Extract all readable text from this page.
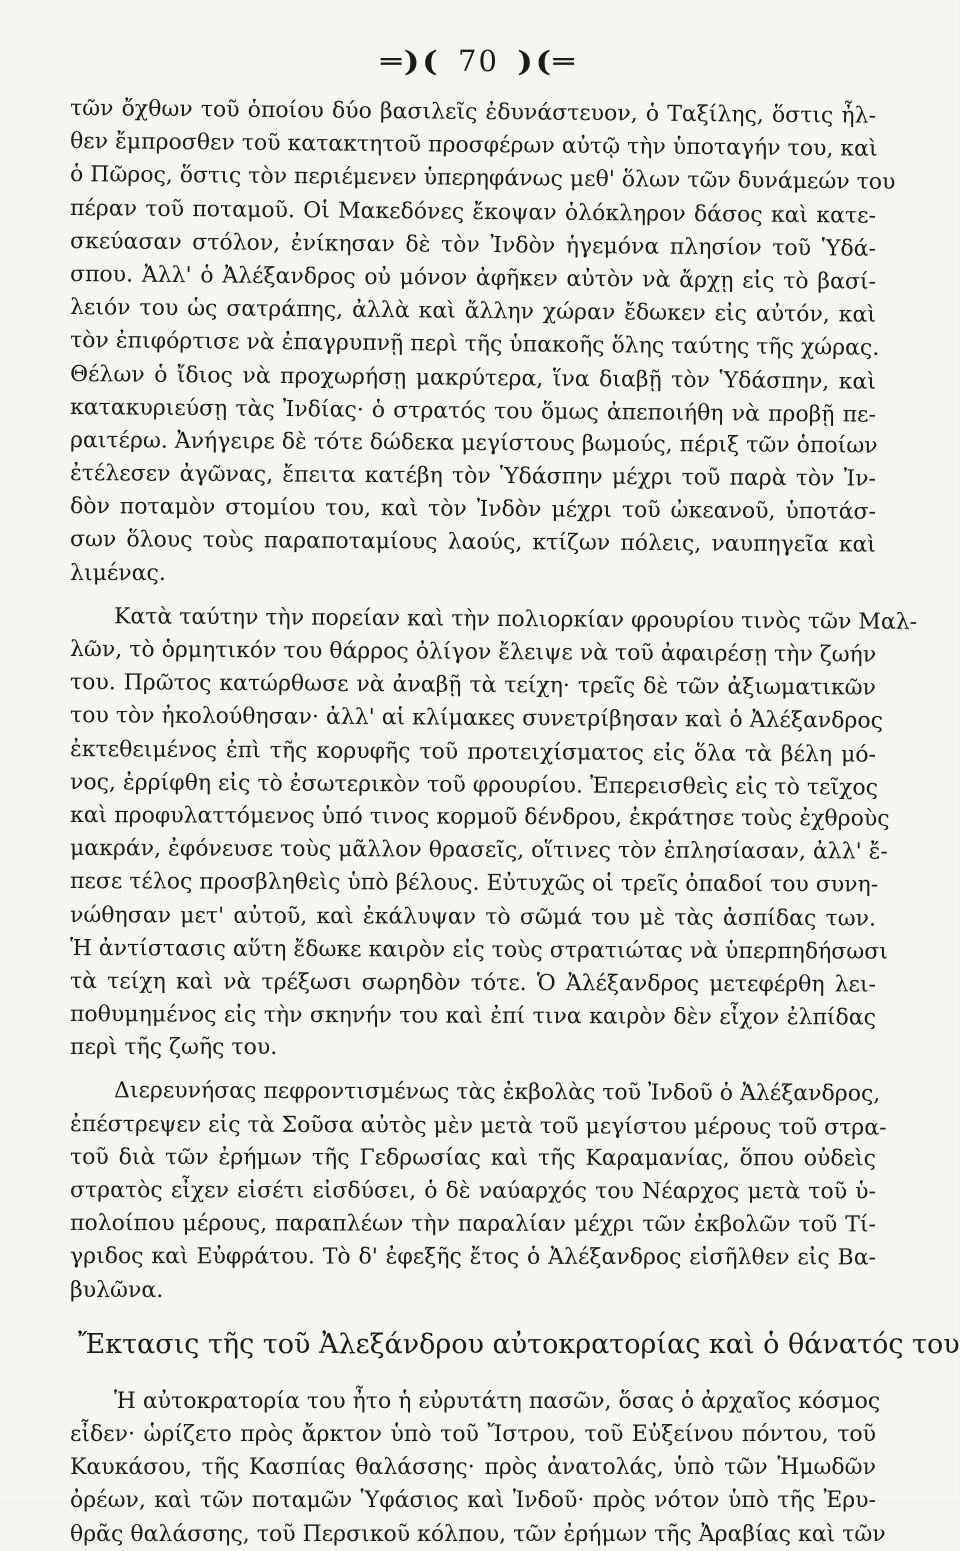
═)( 70 )(═
τῶν ὄχθων τοῦ ὁποίου δύο βασιλεῖς ἐδυνάστευον, ὁ Ταξίλης, ὅστις ἦλ-
θεν ἔμπροσθεν τοῦ κατακτητοῦ προσφέρων αὐτῷ τὴν ὑποταγήν του, καὶ
ὁ Πῶρος, ὅστις τὸν περιέμενεν ὑπερηφάνως μεθ' ὅλων τῶν δυνάμεών του
πέραν τοῦ ποταμοῦ. Οἱ Μακεδόνες ἔκοψαν ὁλόκληρον δάσος καὶ κατε-
σκεύασαν στόλον, ἐνίκησαν δὲ τὸν Ἰνδὸν ἡγεμόνα πλησίον τοῦ Ὑδά-
σπου. Ἀλλ' ὁ Ἀλέξανδρος οὐ μόνον ἀφῆκεν αὐτὸν νὰ ἄρχῃ εἰς τὸ βασί-
λειόν του ὡς σατράπης, ἀλλὰ καὶ ἄλλην χώραν ἔδωκεν εἰς αὐτόν, καὶ
τὸν ἐπιφόρτισε νὰ ἐπαγρυπνῇ περὶ τῆς ὑπακοῆς ὅλης ταύτης τῆς χώρας.
Θέλων ὁ ἴδιος νὰ προχωρήσῃ μακρύτερα, ἵνα διαβῇ τὸν Ὑδάσπην, καὶ
κατακυριεύσῃ τὰς Ἰνδίας· ὁ στρατός του ὅμως ἀπεποιήθη νὰ προβῇ πε-
ραιτέρω. Ἀνήγειρε δὲ τότε δώδεκα μεγίστους βωμούς, πέριξ τῶν ὁποίων
ἐτέλεσεν ἀγῶνας, ἔπειτα κατέβη τὸν Ὑδάσπην μέχρι τοῦ παρὰ τὸν Ἰν-
δὸν ποταμὸν στομίου του, καὶ τὸν Ἰνδὸν μέχρι τοῦ ὠκεανοῦ, ὑποτάσ-
σων ὅλους τοὺς παραποταμίους λαούς, κτίζων πόλεις, ναυπηγεῖα καὶ
λιμένας.
Κατὰ ταύτην τὴν πορείαν καὶ τὴν πολιορκίαν φρουρίου τινὸς τῶν Μαλ-
λῶν, τὸ ὁρμητικόν του θάρρος ὀλίγον ἔλειψε νὰ τοῦ ἀφαιρέσῃ τὴν ζωήν
του. Πρῶτος κατώρθωσε νὰ ἀναβῇ τὰ τείχη· τρεῖς δὲ τῶν ἀξιωματικῶν
του τὸν ἠκολούθησαν· ἀλλ' αἱ κλίμακες συνετρίβησαν καὶ ὁ Ἀλέξανδρος
ἐκτεθειμένος ἐπὶ τῆς κορυφῆς τοῦ προτειχίσματος εἰς ὅλα τὰ βέλη μό-
νος, ἐρρίφθη εἰς τὸ ἐσωτερικὸν τοῦ φρουρίου. Ἐπερεισθεὶς εἰς τὸ τεῖχος
καὶ προφυλαττόμενος ὑπό τινος κορμοῦ δένδρου, ἐκράτησε τοὺς ἐχθροὺς
μακράν, ἐφόνευσε τοὺς μᾶλλον θρασεῖς, οἵτινες τὸν ἐπλησίασαν, ἀλλ' ἔ-
πεσε τέλος προσβληθεὶς ὑπὸ βέλους. Εὐτυχῶς οἱ τρεῖς ὀπαδοί του συνη-
νώθησαν μετ' αὐτοῦ, καὶ ἐκάλυψαν τὸ σῶμά του μὲ τὰς ἀσπίδας των.
Ἡ ἀντίστασις αὕτη ἔδωκε καιρὸν εἰς τοὺς στρατιώτας νὰ ὑπερπηδήσωσι
τὰ τείχη καὶ νὰ τρέξωσι σωρηδὸν τότε. Ὁ Ἀλέξανδρος μετεφέρθη λει-
ποθυμημένος εἰς τὴν σκηνήν του καὶ ἐπί τινα καιρὸν δὲν εἶχον ἐλπίδας
περὶ τῆς ζωῆς του.
Διερευνήσας πεφροντισμένως τὰς ἐκβολὰς τοῦ Ἰνδοῦ ὁ Ἀλέξανδρος,
ἐπέστρεψεν εἰς τὰ Σοῦσα αὐτὸς μὲν μετὰ τοῦ μεγίστου μέρους τοῦ στρα-
τοῦ διὰ τῶν ἐρήμων τῆς Γεδρωσίας καὶ τῆς Καραμανίας, ὅπου οὐδεὶς
στρατὸς εἶχεν εἰσέτι εἰσδύσει, ὁ δὲ ναύαρχός του Νέαρχος μετὰ τοῦ ὑ-
πολοίπου μέρους, παραπλέων τὴν παραλίαν μέχρι τῶν ἐκβολῶν τοῦ Τί-
γριδος καὶ Εὐφράτου. Τὸ δ' ἐφεξῆς ἔτος ὁ Ἀλέξανδρος εἰσῆλθεν εἰς Βα-
βυλῶνα.
Ἔκτασις τῆς τοῦ Ἀλεξάνδρου αὐτοκρατορίας καὶ ὁ θάνατός του
Ἡ αὐτοκρατορία του ἦτο ἡ εὐρυτάτη πασῶν, ὅσας ὁ ἀρχαῖος κόσμος
εἶδεν· ὡρίζετο πρὸς ἄρκτον ὑπὸ τοῦ Ἴστρου, τοῦ Εὐξείνου πόντου, τοῦ
Καυκάσου, τῆς Κασπίας θαλάσσης· πρὸς ἀνατολάς, ὑπὸ τῶν Ἡμωδῶν
ὀρέων, καὶ τῶν ποταμῶν Ὑφάσιος καὶ Ἰνδοῦ· πρὸς νότον ὑπὸ τῆς Ἐρυ-
θρᾶς θαλάσσης, τοῦ Περσικοῦ κόλπου, τῶν ἐρήμων τῆς Ἀραβίας καὶ τῶν
